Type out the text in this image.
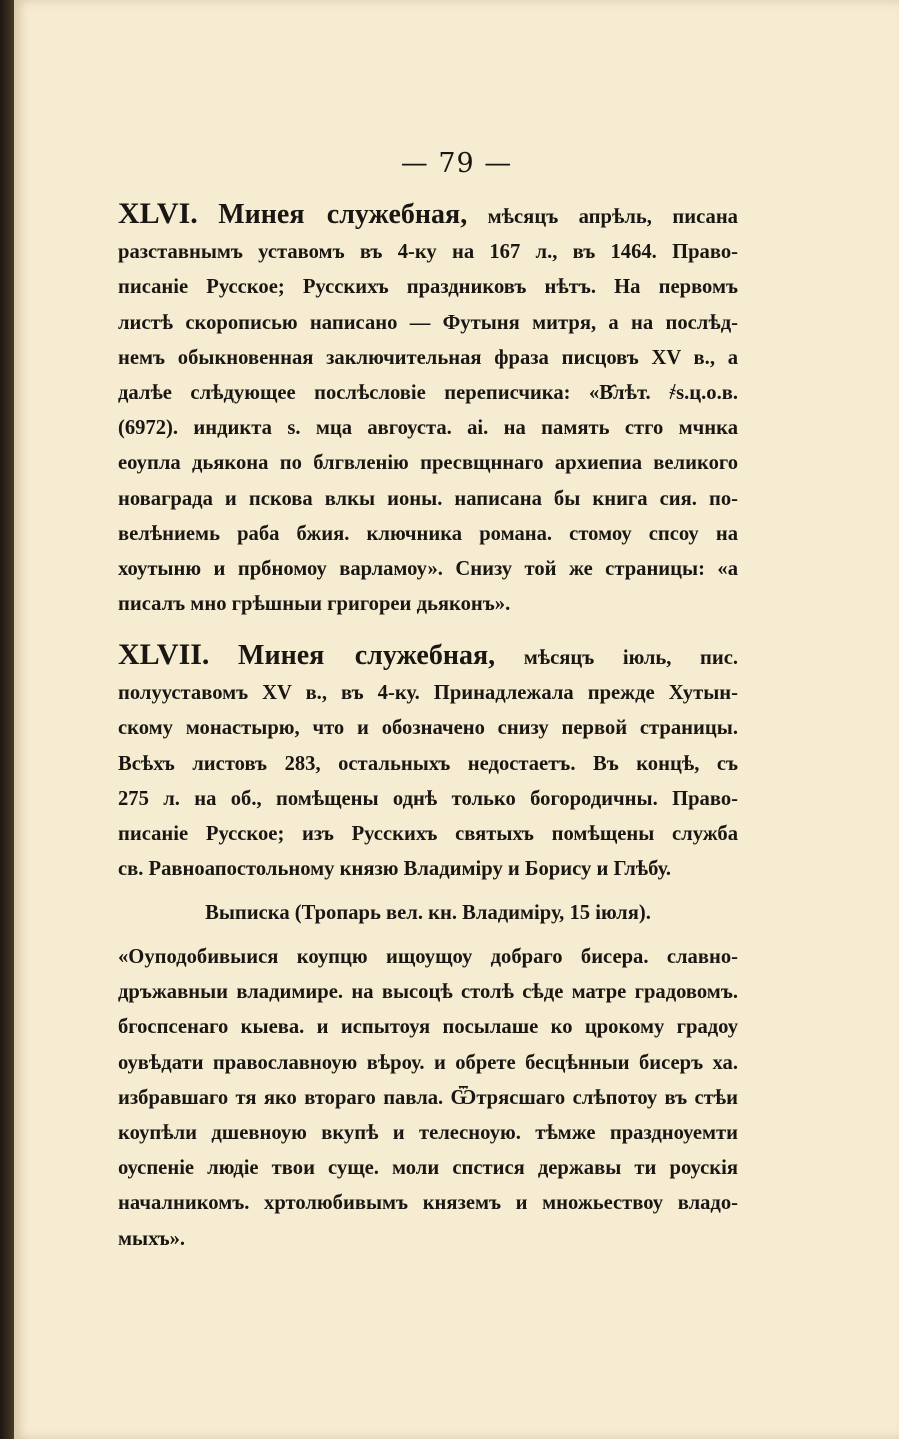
— 79 —
XLVI. Минея служебная, мѣсяцъ апрѣль, писана
разставнымъ уставомъ въ 4-ку на 167 л., въ 1464. Право-
писаніе Русское; Русскихъ праздниковъ нѣтъ. На первомъ
листѣ скорописью написано — Футыня митря, а на послѣд-
немъ обыкновенная заключительная фраза писцовъ XV в., а
далѣе слѣдующее послѣсловіе переписчика: «В҄лѣт. ҂ѕ.ц.о.в.
(6972). индикта ѕ. мца авгоуста. аі. на память стго мчнка
еоупла дьякона по блгвленію пресвщннаго архиепиа великого
новаграда и пскова влкы ионы. написана бы книга сия. по-
велѣниемь раба бжия. ключника романа. стомоу спсоу на
хоутыню и прбномоу варламоу». Снизу той же страницы: «а
писалъ мно грѣшныи григореи дьяконъ».
XLVII. Минея служебная, мѣсяцъ іюль, пис.
полууставомъ XV в., въ 4-ку. Принадлежала прежде Хутын-
скому монастырю, что и обозначено снизу первой страницы.
Всѣхъ листовъ 283, остальныхъ недостаетъ. Въ концѣ, съ
275 л. на об., помѣщены однѣ только богородичны. Право-
писаніе Русское; изъ Русскихъ святыхъ помѣщены служба
св. Равноапостольному князю Владиміру и Борису и Глѣбу.
Выписка (Тропарь вел. кн. Владиміру, 15 іюля).
«Оуподобивыися коупцю ищоущоу добраго бисера. славно-
дръжавныи владимире. на высоцѣ столѣ сѣде матре градовомъ.
бгоспсенаго кыева. и испытоуя посылаше ко црокому градоу
оувѣдати православноую вѣроу. и обрете бесцѣнныи бисеръ ха.
избравшаго тя яко втораго павла. Ѿтрясшаго слѣпотоу въ стѣи
коупѣли дшевноую вкупѣ и телесноую. тѣмже праздноуемти
оуспеніе людіе твои суще. моли спстися державы ти роускія
началникомъ. хртолюбивымъ княземъ и множьествоу владо-
мыхъ».
